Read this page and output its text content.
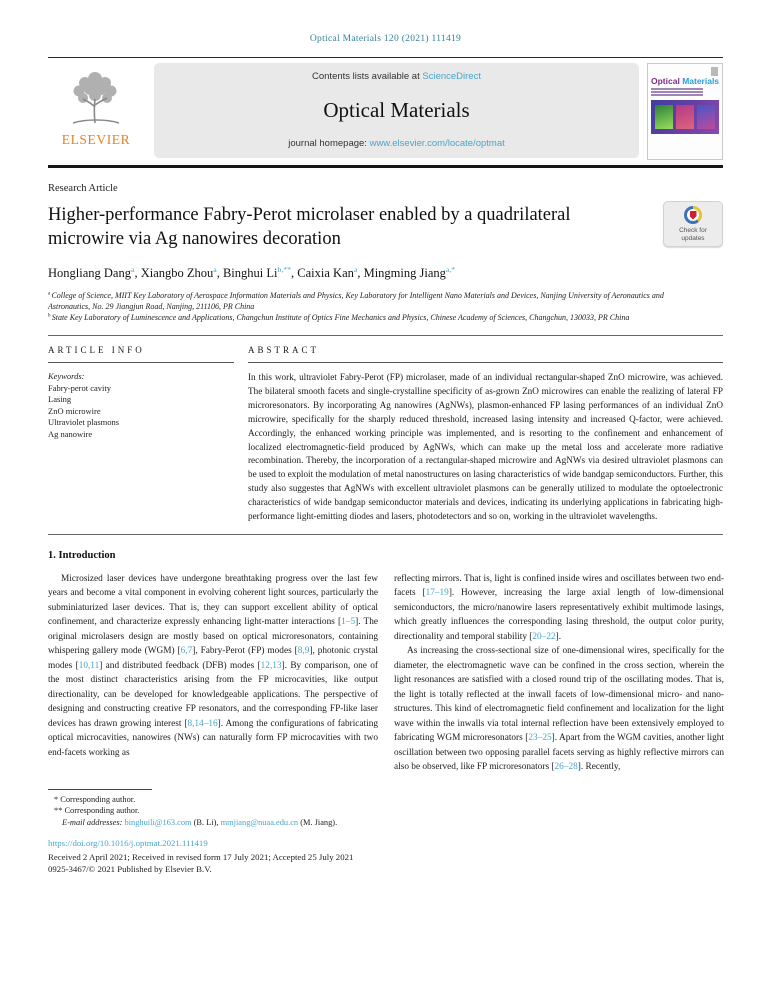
Optical Materials 120 (2021) 111419
ELSEVIER
Contents lists available at ScienceDirect
Optical Materials
journal homepage: www.elsevier.com/locate/optmat
Optical Materials
Research Article
Higher-performance Fabry-Perot microlaser enabled by a quadrilateral microwire via Ag nanowires decoration	Check for updates
Hongliang Dang$^a$, Xiangbo Zhou$^a$, Binghui $Li^{b,**}$, Caixia Kan$^a$, Mingming Jiang$^{a,*}$
$^a$ College of Science, MIIT Key Laboratory of Aerospace Information Materials and Physics, Key Laboratory for Intelligent Nano Materials and Devices, Nanjing University of Aeronautics and Astronautics, No. 29 Jiangjun Road, Nanjing, 211106, PR China
$^b$ State Key Laboratory of Luminescence and Applications, Changchun Institute of Optics Fine Mechanics and Physics, Chinese Academy of Sciences, Changchun, 130033, PR China
ARTICLE INFO
Keywords:
Fabry-perot cavity
Lasing
ZnO microwire
Ultraviolet plasmons
Ag nanowire
ABSTRACT
In this work, ultraviolet Fabry-Perot (FP) microlaser, made of an individual rectangular-shaped ZnO microwire, was achieved. The bilateral smooth facets and single-crystalline specificity of as-grown ZnO microwires can enable the realizing of lateral FP microresonators. By incorporating Ag nanowires (AgNWs), plasmon-enhanced FP lasing performances of an individual ZnO microwire, specifically for the sharply reduced threshold, increased lasing intensity and increased Q-factor, were achieved. Accordingly, the enhanced working principle was implemented, and is resorting to the confinement and enhancement of localized electromagnetic-field produced by AgNWs, which can make up the metal loss and accelerate more radiative recombination. Thereby, the incorporation of a rectangular-shaped microwire and AgNWs via desired ultraviolet plasmons can be used to exploit the modulation of metal nanostructures on lasing characteristics of wide bandgap semiconductors. Further, this study also suggestes that AgNWs with excellent ultraviolet plasmons can be generally utilized to modulate the optoelectronic characteristics of wide bandgap semiconductor materials and devices, indicating its underlying applications in fabricating high-performance light-emitting diodes and lasers, photodetectors and so on, working in the ultraviolet wavelengths.
1. Introduction

Microsized laser devices have undergone breathtaking progress over the last few years and become a vital component in evolving coherent light sources, particularly the subminiaturized laser devices. That is, they can support excellent ability of optical confinement, and characterize expressly enhancing light-matter interactions [1–5]. The original microlasers design are mostly based on optical microresonators, containing whispering gallery mode (WGM) [6,7], Fabry-Perot (FP) modes [8,9], photonic crystal modes [10,11] and distributed feedback (DFB) modes [12,13]. By comparison, one of the most distinct characteristics arising from the FP microcavities, like output directionality, can be developed for knowledgeable applications. The perspective of designing and constructing creative FP resonators, and the corresponding FP-like laser devices has drawn growing interest [8,14–16]. Among the configurations of fabricating optical microcavities, nanowires (NWs) can naturally form FP microcavities with two end-facets working as

reflecting mirrors. That is, light is confined inside wires and oscillates between two end-facets [17–19]. However, increasing the large axial length of low-dimensional semiconductors, the micro/nanowire lasers representatively exhibit multimode lasings, which greatly influences the corresponding lasing threshold, the output color purity, directionality and temporal stability [20–22].

As increasing the cross-sectional size of one-dimensional wires, specifically for the diameter, the electromagnetic wave can be confined in the cross section, wherein the light resonances are satisfied with a closed round trip of the oscillating modes. That is, the light is totally reflected at the inwall facets of low-dimensional micro- and nano-structures. This kind of electromagnetic field confinement and localization for the light wave within the inwalls via total internal reflection have been extensively employed to fabricating WGM microresonators [23–25]. Apart from the WGM cavities, another light oscillation between two opposing parallel facets serving as highly reflective mirrors can also be observed, like FP microresonators [26–28]. Recently,

* Corresponding author.
** Corresponding author.
E-mail addresses: binghuili@163.com (B. Li), mmjiang@nuaa.edu.cn (M. Jiang).
https://doi.org/10.1016/j.optmat.2021.111419
Received 2 April 2021; Received in revised form 17 July 2021; Accepted 25 July 2021
0925-3467/© 2021 Published by Elsevier B.V.
